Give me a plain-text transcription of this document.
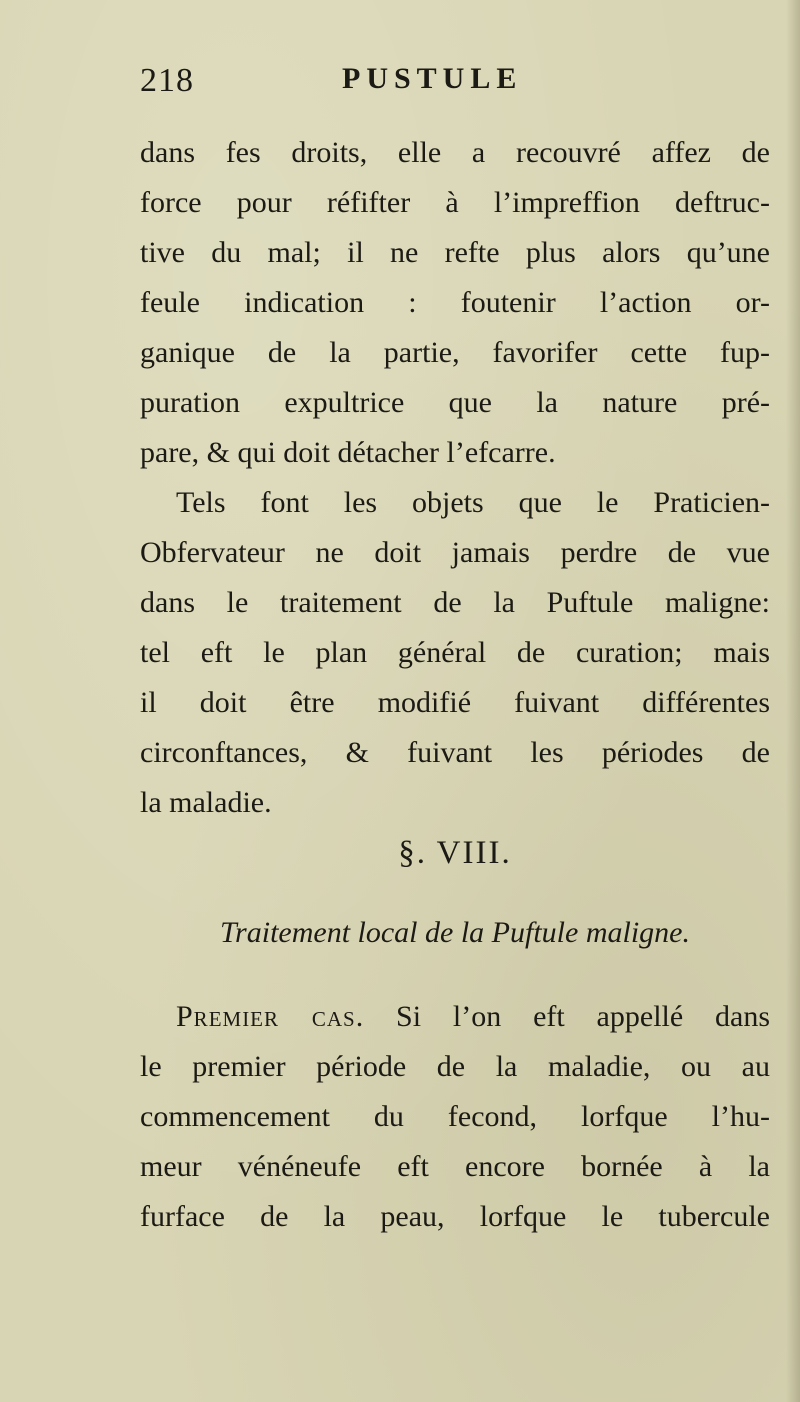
218	PUSTULE
dans fes droits, elle a recouvré affez de
force pour réfifter à l’impreffion deftruc-
tive du mal; il ne refte plus alors qu’une
feule indication : foutenir l’action or-
ganique de la partie, favorifer cette fup-
puration expultrice que la nature pré-
pare, & qui doit détacher l’efcarre.
Tels font les objets que le Praticien-
Obfervateur ne doit jamais perdre de vue
dans le traitement de la Puftule maligne:
tel eft le plan général de curation; mais
il doit être modifié fuivant différentes
circonftances, & fuivant les périodes de
la maladie.
§. VIII.
Traitement local de la Puftule maligne.
Premier cas. Si l’on eft appellé dans
le premier période de la maladie, ou au
commencement du fecond, lorfque l’hu-
meur vénéneufe eft encore bornée à la
furface de la peau, lorfque le tubercule
